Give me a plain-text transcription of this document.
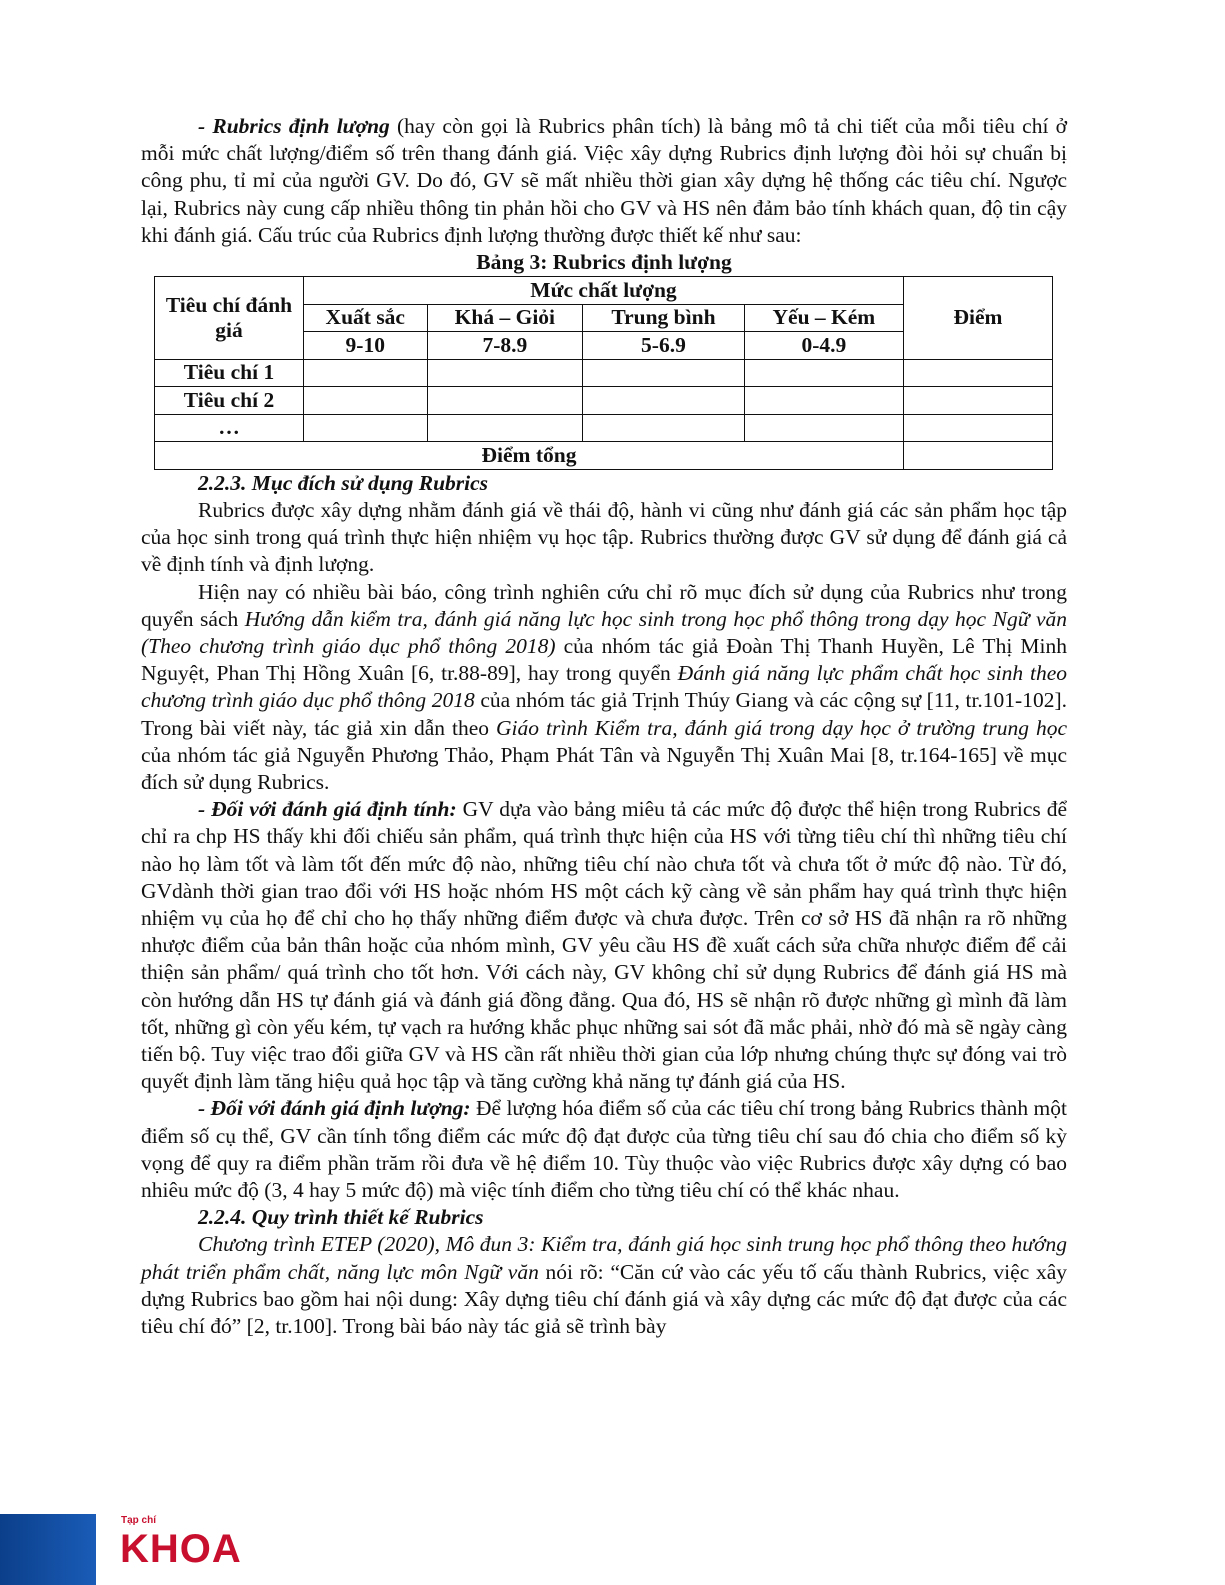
- Rubrics định lượng (hay còn gọi là Rubrics phân tích) là bảng mô tả chi tiết của mỗi tiêu chí ở mỗi mức chất lượng/điểm số trên thang đánh giá. Việc xây dựng Rubrics định lượng đòi hỏi sự chuẩn bị công phu, tỉ mỉ của người GV. Do đó, GV sẽ mất nhiều thời gian xây dựng hệ thống các tiêu chí. Ngược lại, Rubrics này cung cấp nhiều thông tin phản hồi cho GV và HS nên đảm bảo tính khách quan, độ tin cậy khi đánh giá. Cấu trúc của Rubrics định lượng thường được thiết kế như sau:

Bảng 3: Rubrics định lượng

Tiêu chí đánh giá	Mức chất lượng				Điểm
	Xuất sắc	Khá – Giỏi	Trung bình	Yếu – Kém	
	9-10	7-8.9	5-6.9	0-4.9	
Tiêu chí 1					
Tiêu chí 2					
…					
Điểm tổng					

2.2.3. Mục đích sử dụng Rubrics

Rubrics được xây dựng nhằm đánh giá về thái độ, hành vi cũng như đánh giá các sản phẩm học tập của học sinh trong quá trình thực hiện nhiệm vụ học tập. Rubrics thường được GV sử dụng để đánh giá cả về định tính và định lượng.

Hiện nay có nhiều bài báo, công trình nghiên cứu chỉ rõ mục đích sử dụng của Rubrics như trong quyển sách Hướng dẫn kiểm tra, đánh giá năng lực học sinh trong học phổ thông trong dạy học Ngữ văn (Theo chương trình giáo dục phổ thông 2018) của nhóm tác giả Đoàn Thị Thanh Huyền, Lê Thị Minh Nguyệt, Phan Thị Hồng Xuân [6, tr.88-89], hay trong quyển Đánh giá năng lực phẩm chất học sinh theo chương trình giáo dục phổ thông 2018 của nhóm tác giả Trịnh Thúy Giang và các cộng sự [11, tr.101-102]. Trong bài viết này, tác giả xin dẫn theo Giáo trình Kiểm tra, đánh giá trong dạy học ở trường trung học của nhóm tác giả Nguyễn Phương Thảo, Phạm Phát Tân và Nguyễn Thị Xuân Mai [8, tr.164-165] về mục đích sử dụng Rubrics.

- Đối với đánh giá định tính: GV dựa vào bảng miêu tả các mức độ được thể hiện trong Rubrics để chỉ ra chp HS thấy khi đối chiếu sản phẩm, quá trình thực hiện của HS với từng tiêu chí thì những tiêu chí nào họ làm tốt và làm tốt đến mức độ nào, những tiêu chí nào chưa tốt và chưa tốt ở mức độ nào. Từ đó, GVdành thời gian trao đổi với HS hoặc nhóm HS một cách kỹ càng về sản phẩm hay quá trình thực hiện nhiệm vụ của họ để chỉ cho họ thấy những điểm được và chưa được. Trên cơ sở HS đã nhận ra rõ những nhược điểm của bản thân hoặc của nhóm mình, GV yêu cầu HS đề xuất cách sửa chữa nhược điểm để cải thiện sản phẩm/ quá trình cho tốt hơn. Với cách này, GV không chỉ sử dụng Rubrics để đánh giá HS mà còn hướng dẫn HS tự đánh giá và đánh giá đồng đẳng. Qua đó, HS sẽ nhận rõ được những gì mình đã làm tốt, những gì còn yếu kém, tự vạch ra hướng khắc phục những sai sót đã mắc phải, nhờ đó mà sẽ ngày càng tiến bộ. Tuy việc trao đổi giữa GV và HS cần rất nhiều thời gian của lớp nhưng chúng thực sự đóng vai trò quyết định làm tăng hiệu quả học tập và tăng cường khả năng tự đánh giá của HS.

- Đối với đánh giá định lượng: Để lượng hóa điểm số của các tiêu chí trong bảng Rubrics thành một điểm số cụ thể, GV cần tính tổng điểm các mức độ đạt được của từng tiêu chí sau đó chia cho điểm số kỳ vọng để quy ra điểm phần trăm rồi đưa về hệ điểm 10. Tùy thuộc vào việc Rubrics được xây dựng có bao nhiêu mức độ (3, 4 hay 5 mức độ) mà việc tính điểm cho từng tiêu chí có thể khác nhau.

2.2.4. Quy trình thiết kế Rubrics

Chương trình ETEP (2020), Mô đun 3: Kiểm tra, đánh giá học sinh trung học phổ thông theo hướng phát triển phẩm chất, năng lực môn Ngữ văn nói rõ: “Căn cứ vào các yếu tố cấu thành Rubrics, việc xây dựng Rubrics bao gồm hai nội dung: Xây dựng tiêu chí đánh giá và xây dựng các mức độ đạt được của các tiêu chí đó” [2, tr.100]. Trong bài báo này tác giả sẽ trình bày

Tạp chí
KHOA
